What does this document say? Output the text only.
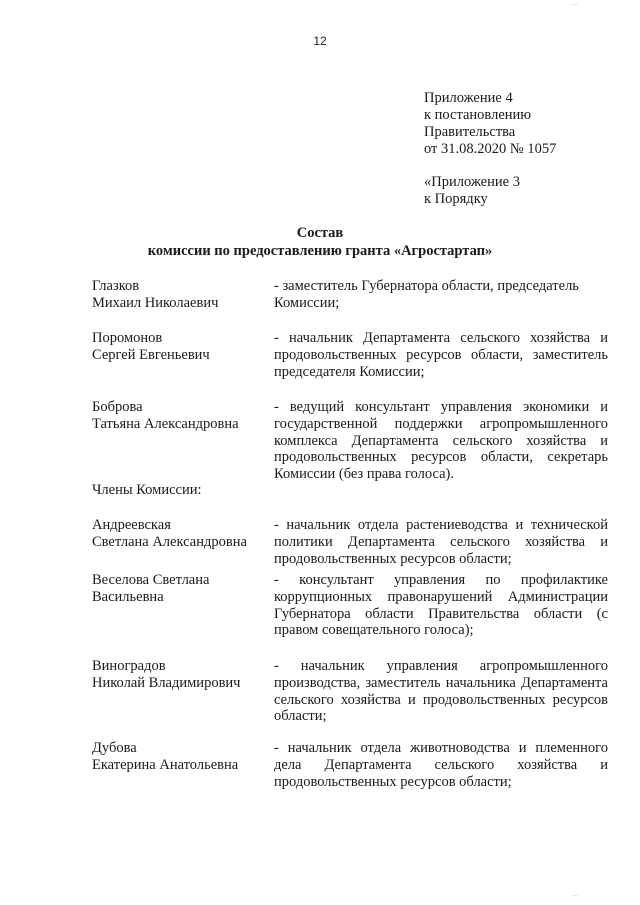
12
Приложение 4
к постановлению
Правительства
от 31.08.2020 № 1057
«Приложение 3
к Порядку
Состав
комиссии по предоставлению гранта «Агростартап»
Глазков
Михаил Николаевич
- заместитель Губернатора области, председатель
Комиссии;
Поромонов
Сергей Евгеньевич
- начальник Департамента сельского хозяйства и продовольственных ресурсов области, заместитель председателя Комиссии;
Боброва
Татьяна Александровна
- ведущий консультант управления экономики и государственной поддержки агропромышленного комплекса Департамента сельского хозяйства и продовольственных ресурсов области, секретарь Комиссии (без права голоса).
Члены Комиссии:
Андреевская
Светлана Александровна
- начальник отдела растениеводства и технической политики Департамента сельского хозяйства и продовольственных ресурсов области;
Веселова Светлана
Васильевна
- консультант управления по профилактике коррупционных правонарушений Администрации Губернатора области Правительства области (с правом совещательного голоса);
Виноградов
Николай Владимирович
- начальник управления агропромышленного производства, заместитель начальника Департамента сельского хозяйства и продовольственных ресурсов области;
Дубова
Екатерина Анатольевна
- начальник отдела животноводства и племенного дела Департамента сельского хозяйства и продовольственных ресурсов области;
┈┈
┈┈
